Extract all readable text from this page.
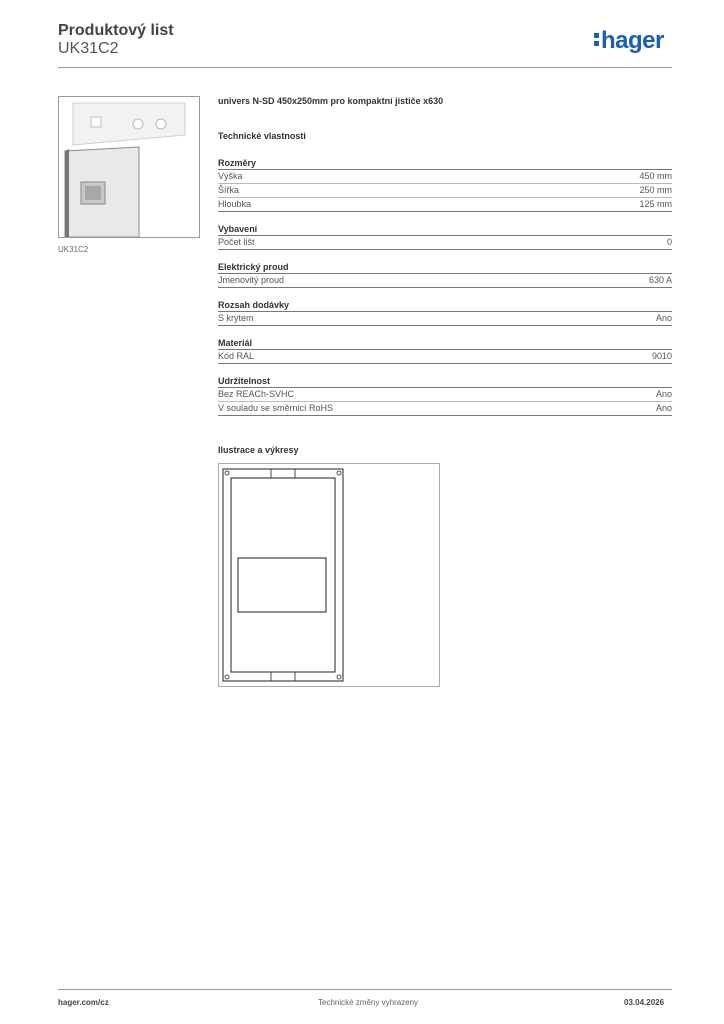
Produktový list
UK31C2	hager
UK31C2
univers N-SD 450x250mm pro kompaktní jističe x630
Technické vlastnosti
Rozměry
Výška	450 mm
Šířka	250 mm
Hloubka	125 mm
Vybavení
Počet lišt	0
Elektrický proud
Jmenovitý proud	630 A
Rozsah dodávky
S krytem	Ano
Materiál
Kód RAL	9010
Udržitelnost
Bez REACh-SVHC	Ano
V souladu se směrnicí RoHS	Ano
Ilustrace a výkresy
hager.com/cz	Technické změny vyhrazeny	03.04.2026
